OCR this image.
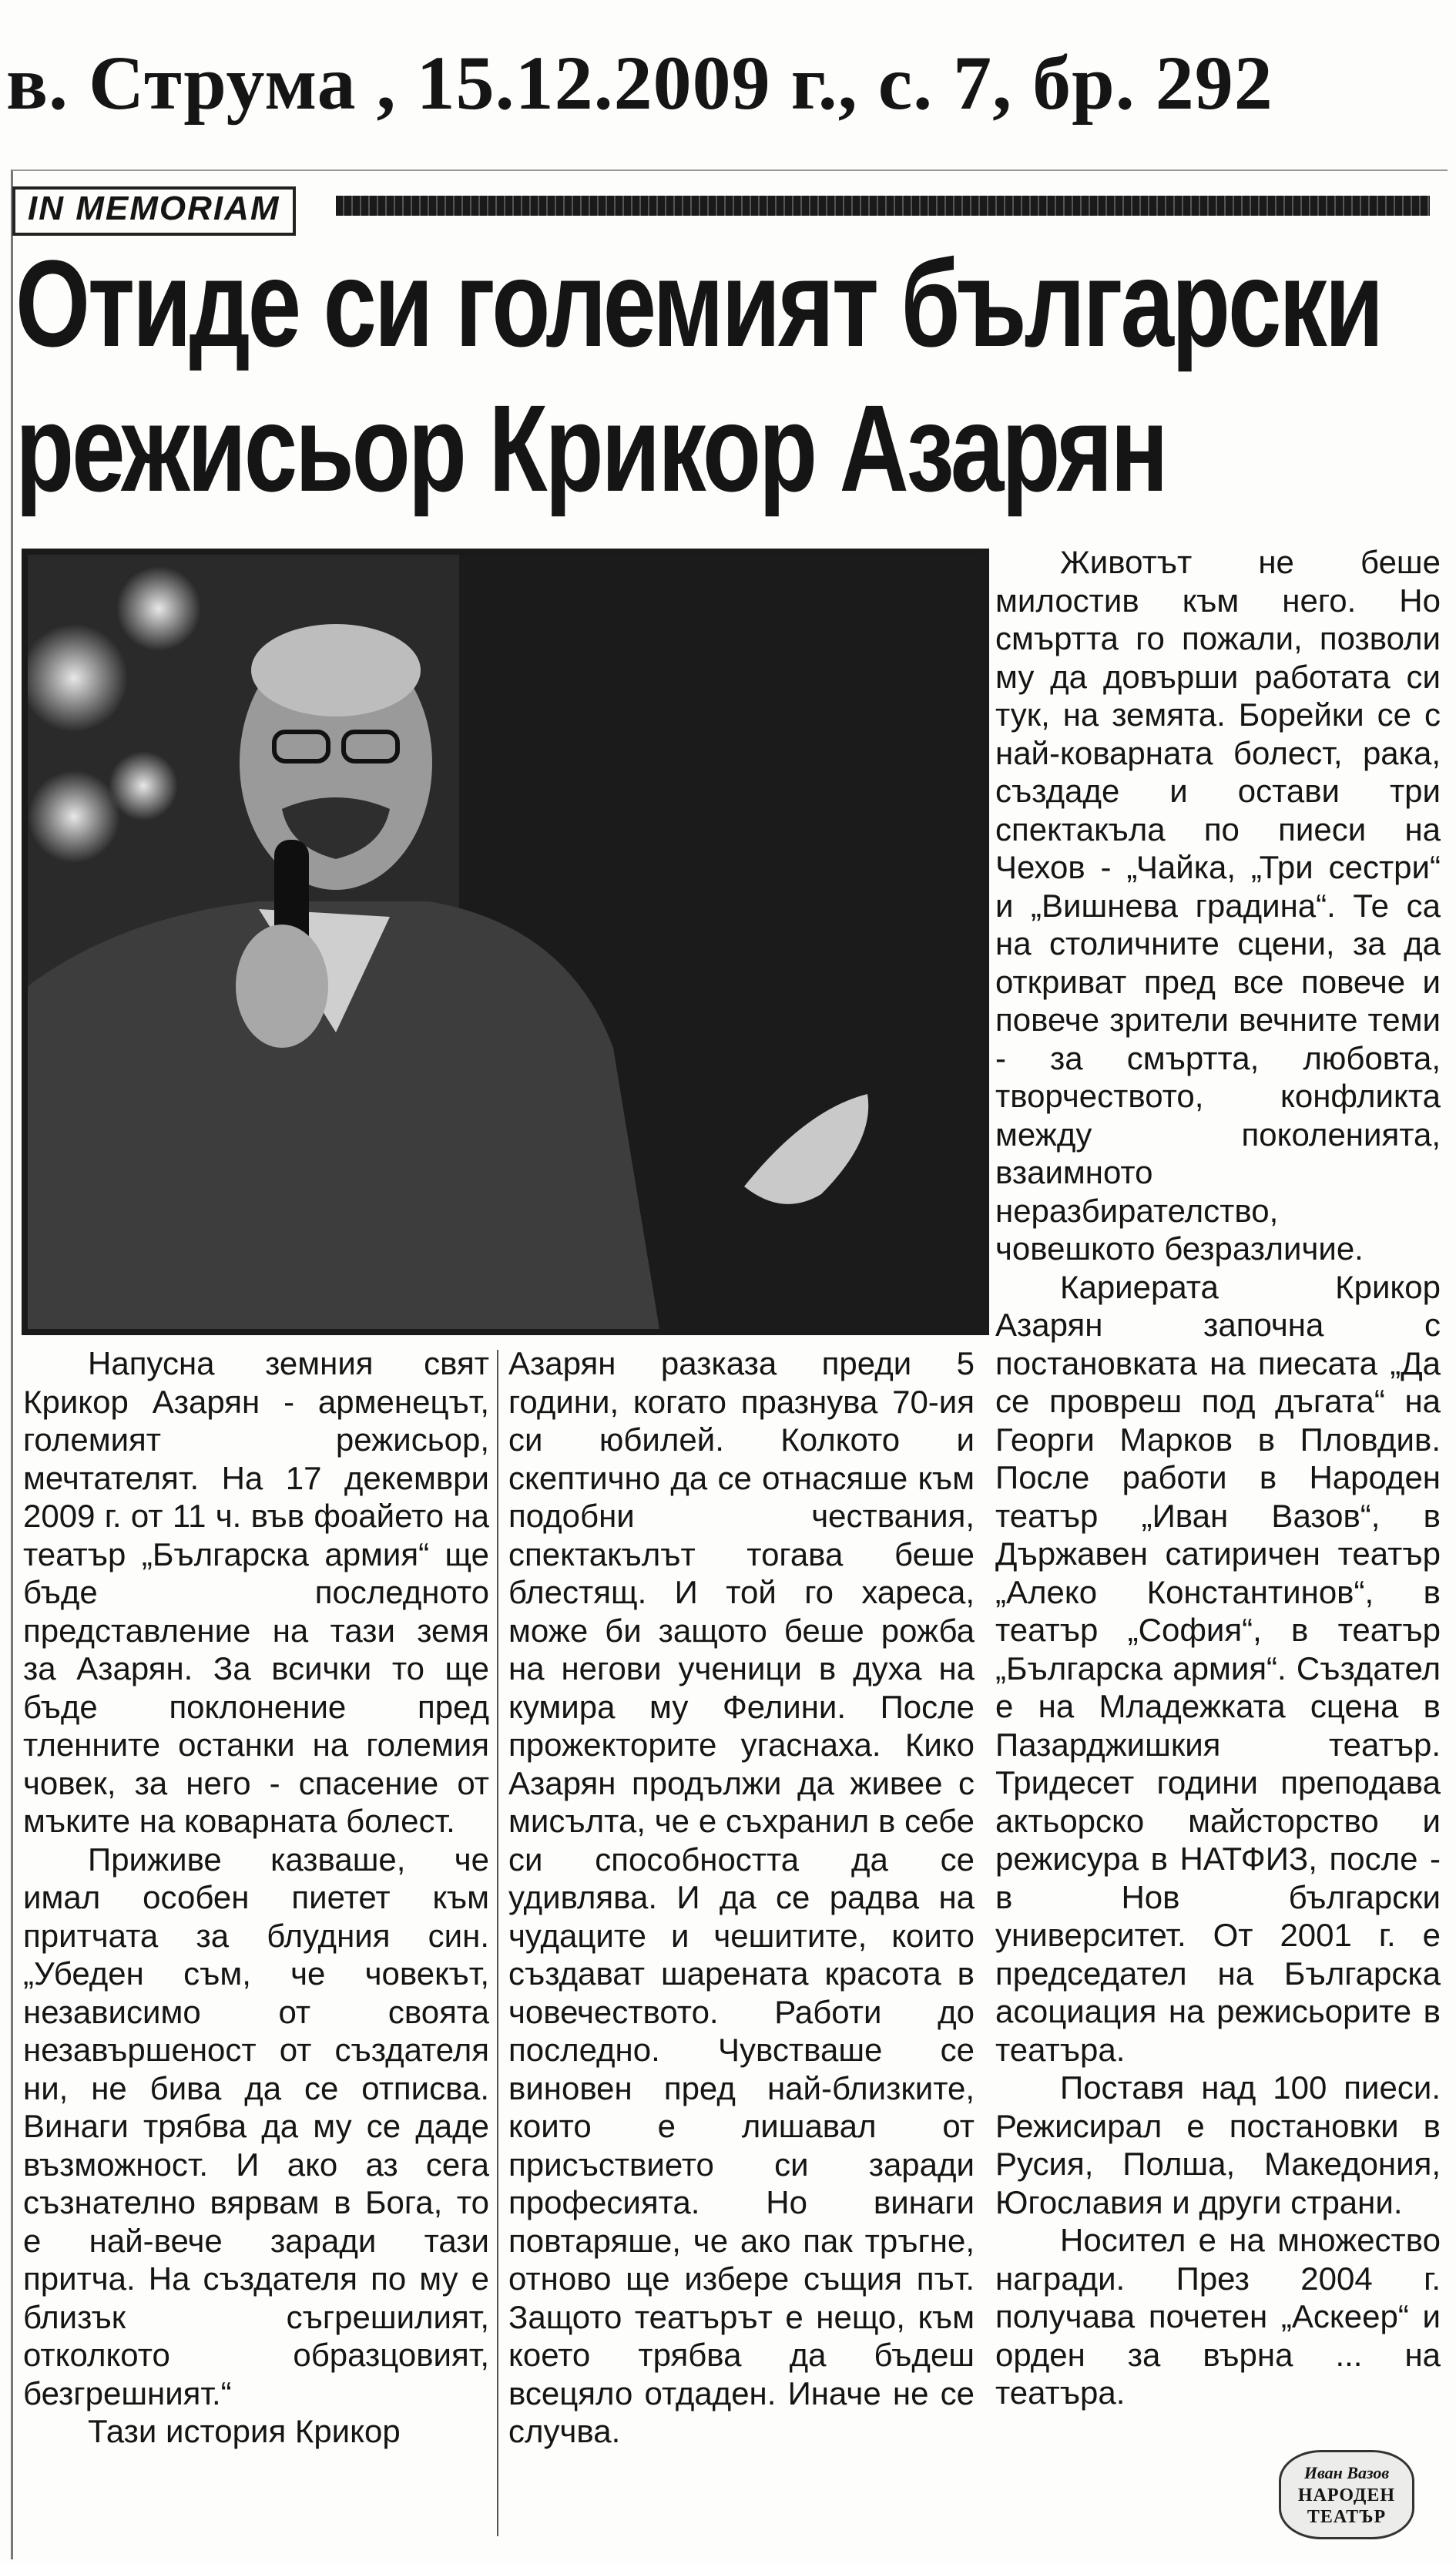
в. Струма , 15.12.2009 г., с. 7, бр. 292
IN MEMORIAM
Отиде си големият български
режисьор Крикор Азарян

Напусна земния свят Крикор Азарян - арменецът, големият режисьор, мечтателят. На 17 декември 2009 г. от 11 ч. във фоайето на театър „Българска армия“ ще бъде последното представление на тази земя за Азарян. За всички то ще бъде поклонение пред тленните останки на големия човек, за него - спасение от мъките на коварната болест.

Приживе казваше, че имал особен пиетет към притчата за блудния син. „Убеден съм, че човекът, независимо от своята незавършеност от създателя ни, не бива да се отписва. Винаги трябва да му се даде възможност. И ако аз сега съзнателно вярвам в Бога, то е най-вече заради тази притча. На създателя по му е близък съгрешилият, отколкото образцовият, безгрешният.“

Тази история Крикор

Азарян разказа преди 5 години, когато празнува 70-ия си юбилей. Колкото и скептично да се отнасяше към подобни чествания, спектакълът тогава беше блестящ. И той го хареса, може би защото беше рожба на негови ученици в духа на кумира му Фелини. После прожекторите угаснаха. Кико Азарян продължи да живее с мисълта, че е съхранил в себе си способността да се удивлява. И да се радва на чудаците и чешитите, които създават шарената красота в човечеството. Работи до последно. Чувстваше се виновен пред най-близките, които е лишавал от присъствието си заради професията. Но винаги повтаряше, че ако пак тръгне, отново ще избере същия път. Защото театърът е нещо, към което трябва да бъдеш всецяло отдаден. Иначе не се случва.

Животът не беше милостив към него. Но смъртта го пожали, позволи му да довърши работата си тук, на земята. Борейки се с най-коварната болест, рака, създаде и остави три спектакъла по пиеси на Чехов - „Чайка, „Три сестри“ и „Вишнева градина“. Те са на столичните сцени, за да откриват пред все повече и повече зрители вечните теми - за смъртта, любовта, творчеството, конфликта между поколенията, взаимното неразбирателство, човешкото безразличие.

Кариерата Крикор Азарян започна с постановката на пиесата „Да се провреш под дъгата“ на Георги Марков в Пловдив. После работи в Народен театър „Иван Вазов“, в Държавен сатиричен театър „Алеко Константинов“, в театър „София“, в театър „Българска армия“. Създател е на Младежката сцена в Пазарджишкия театър. Тридесет години преподава актьорско майсторство и режисура в НАТФИЗ, после - в Нов български университет. От 2001 г. е председател на Българска асоциация на режисьорите в театъра.

Поставя над 100 пиеси. Режисирал е постановки в Русия, Полша, Македония, Югославия и други страни.

Носител е на множество награди. През 2004 г. получава почетен „Аскеер“ и орден за върна ... на театъра.

Иван Вазов
НАРОДЕН ТЕАТЪР
